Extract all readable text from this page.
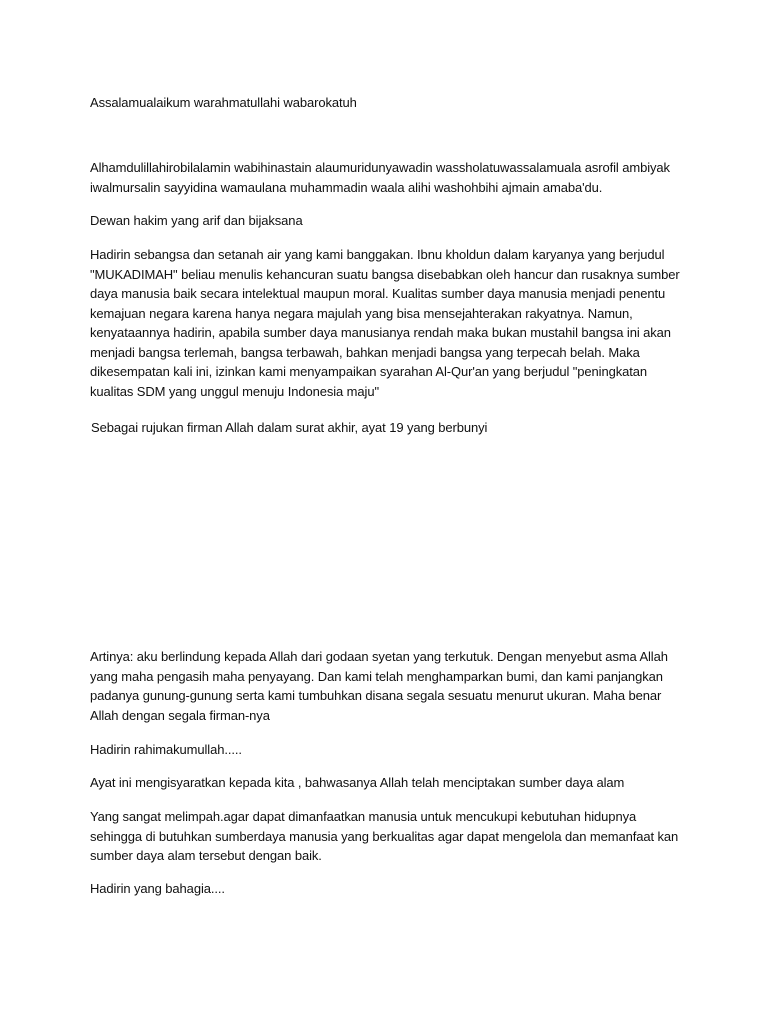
Assalamualaikum warahmatullahi wabarokatuh

Alhamdulillahirobilalamin wabihinastain alaumuridunyawadin wassholatuwassalamuala asrofil ambiyak iwalmursalin sayyidina wamaulana muhammadin waala alihi washohbihi ajmain amaba'du.

Dewan hakim yang arif dan bijaksana

Hadirin sebangsa dan setanah air yang kami banggakan. Ibnu kholdun dalam karyanya yang berjudul "MUKADIMAH" beliau menulis kehancuran suatu bangsa disebabkan oleh hancur dan rusaknya sumber daya manusia baik secara intelektual maupun moral. Kualitas sumber daya manusia menjadi penentu kemajuan negara karena hanya negara majulah yang bisa mensejahterakan rakyatnya. Namun, kenyataannya hadirin, apabila sumber daya manusianya rendah maka bukan mustahil bangsa ini akan menjadi bangsa terlemah, bangsa terbawah, bahkan menjadi bangsa yang terpecah belah. Maka dikesempatan kali ini, izinkan kami menyampaikan syarahan Al-Qur'an yang berjudul "peningkatan kualitas SDM yang unggul menuju Indonesia maju"

Sebagai rujukan firman Allah dalam surat akhir, ayat 19 yang berbunyi

Artinya: aku berlindung kepada Allah dari godaan syetan yang terkutuk. Dengan menyebut asma Allah yang maha pengasih maha penyayang. Dan kami telah menghamparkan bumi, dan kami panjangkan padanya gunung-gunung serta kami tumbuhkan disana segala sesuatu menurut ukuran. Maha benar Allah dengan segala firman-nya

Hadirin rahimakumullah.....

Ayat ini mengisyaratkan kepada kita , bahwasanya Allah telah menciptakan sumber daya alam

Yang sangat melimpah.agar dapat dimanfaatkan manusia untuk mencukupi kebutuhan hidupnya sehingga di butuhkan sumberdaya manusia yang berkualitas agar dapat mengelola dan memanfaat kan sumber daya alam tersebut dengan baik.

Hadirin yang bahagia....
